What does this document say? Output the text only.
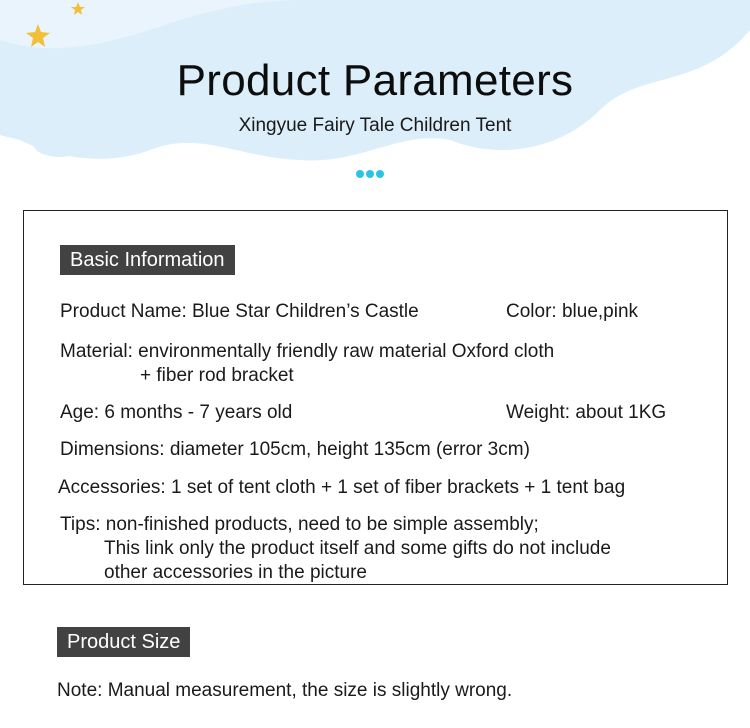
Product Parameters
Xingyue Fairy Tale Children Tent
Basic Information
Product Name: Blue Star Children’s Castle	Color: blue,pink
Material: environmentally friendly raw material Oxford cloth
+ fiber rod bracket
Age: 6 months - 7 years old	Weight: about 1KG
Dimensions: diameter 105cm, height 135cm (error 3cm)
Accessories: 1 set of tent cloth + 1 set of fiber brackets + 1 tent bag
Tips: non-finished products, need to be simple assembly;
This link only the product itself and some gifts do not include
other accessories in the picture
Product Size
Note: Manual measurement, the size is slightly wrong.
